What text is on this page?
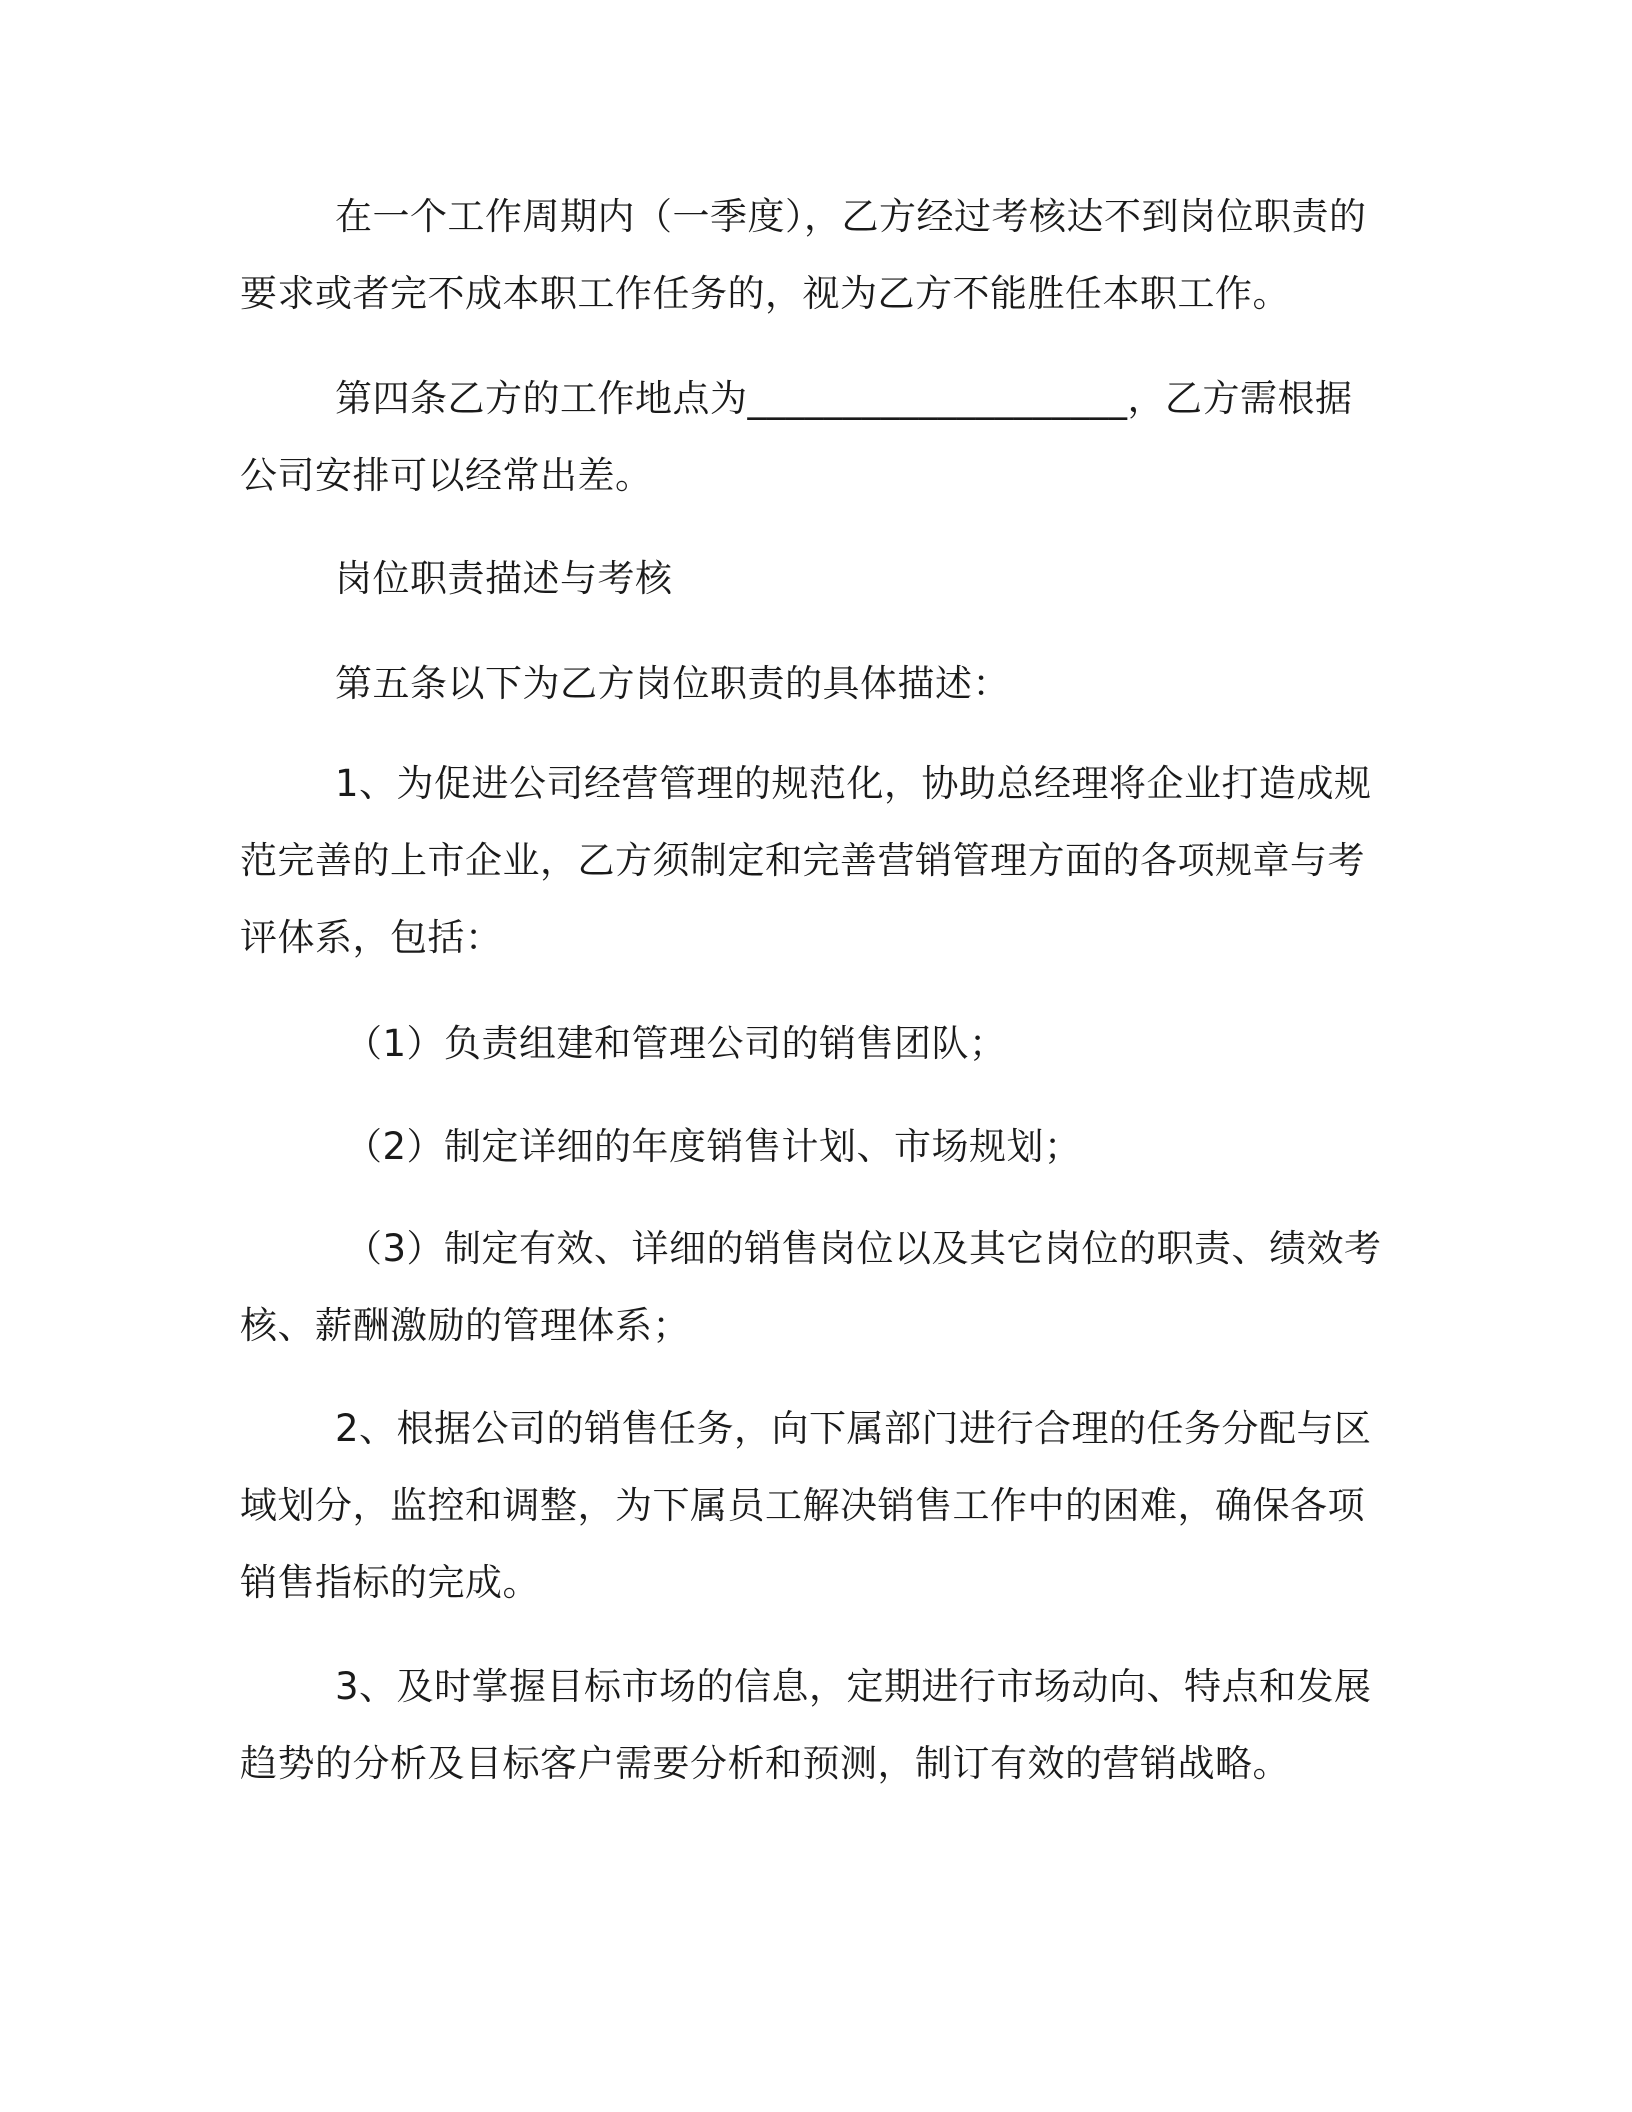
在一个工作周期内（一季度），乙方经过考核达不到岗位职责的

要求或者完不成本职工作任务的，视为乙方不能胜任本职工作。

第四条乙方的工作地点为____________________，乙方需根据

公司安排可以经常出差。

岗位职责描述与考核

第五条以下为乙方岗位职责的具体描述：

1、为促进公司经营管理的规范化，协助总经理将企业打造成规

范完善的上市企业，乙方须制定和完善营销管理方面的各项规章与考

评体系，包括：

（1）负责组建和管理公司的销售团队；

（2）制定详细的年度销售计划、市场规划；

（3）制定有效、详细的销售岗位以及其它岗位的职责、绩效考

核、薪酬激励的管理体系；

2、根据公司的销售任务，向下属部门进行合理的任务分配与区

域划分，监控和调整，为下属员工解决销售工作中的困难，确保各项

销售指标的完成。

3、及时掌握目标市场的信息，定期进行市场动向、特点和发展

趋势的分析及目标客户需要分析和预测，制订有效的营销战略。
